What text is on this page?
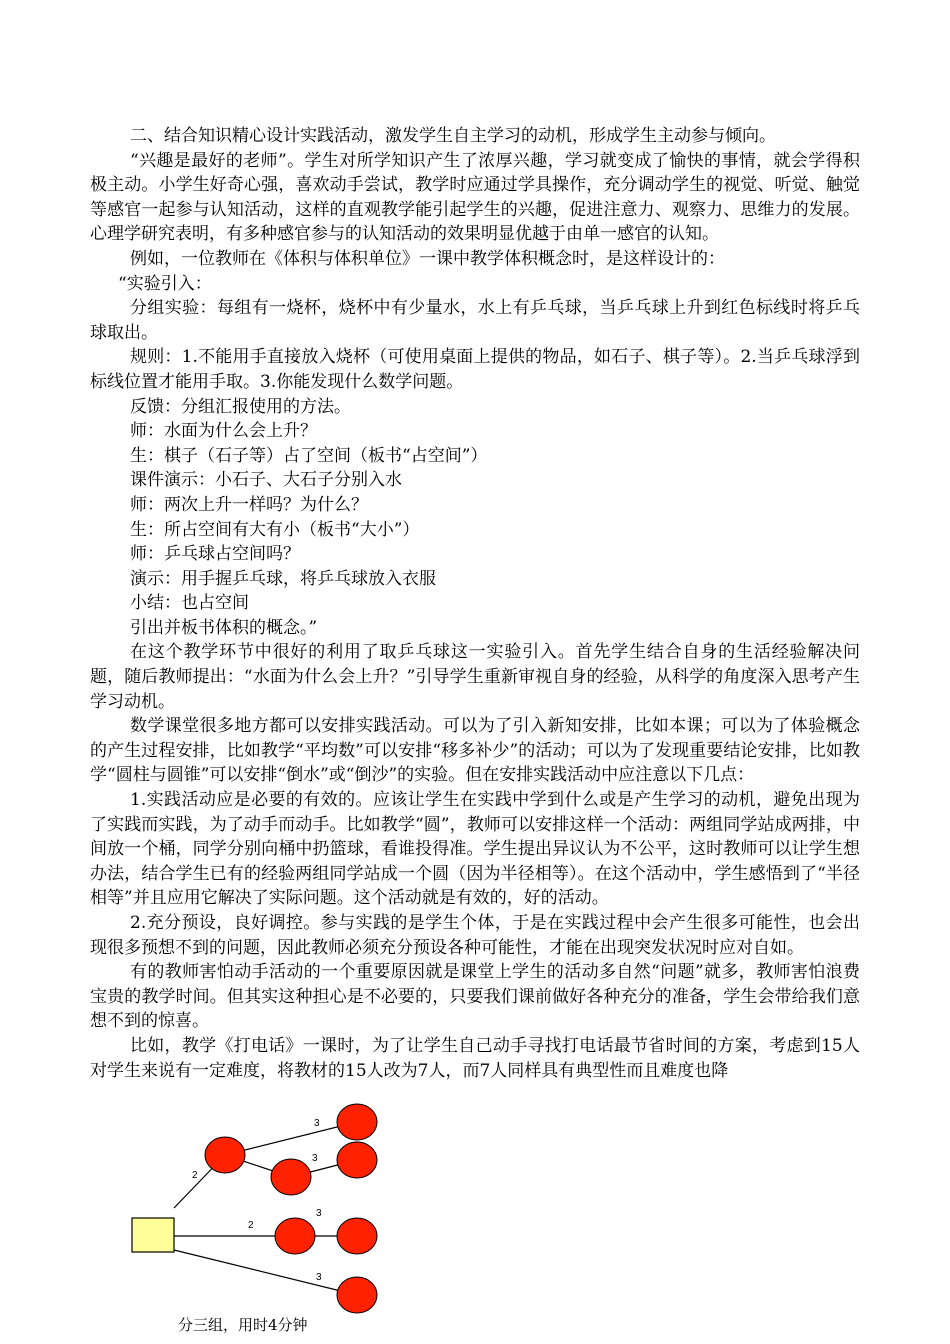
二、结合知识精心设计实践活动，激发学生自主学习的动机，形成学生主动参与倾向。

“兴趣是最好的老师”。学生对所学知识产生了浓厚兴趣，学习就变成了愉快的事情，就会学得积极主动。小学生好奇心强，喜欢动手尝试，教学时应通过学具操作，充分调动学生的视觉、听觉、触觉等感官一起参与认知活动，这样的直观教学能引起学生的兴趣，促进注意力、观察力、思维力的发展。心理学研究表明，有多种感官参与的认知活动的效果明显优越于由单一感官的认知。

例如，一位教师在《体积与体积单位》一课中教学体积概念时，是这样设计的：

“实验引入：

分组实验：每组有一烧杯，烧杯中有少量水，水上有乒乓球，当乒乓球上升到红色标线时将乒乓球取出。

规则：1.不能用手直接放入烧杯（可使用桌面上提供的物品，如石子、棋子等）。2.当乒乓球浮到标线位置才能用手取。3.你能发现什么数学问题。

反馈：分组汇报使用的方法。

师：水面为什么会上升？

生：棋子（石子等）占了空间（板书“占空间”）

课件演示：小石子、大石子分别入水

师：两次上升一样吗？为什么？

生：所占空间有大有小（板书“大小”）

师：乒乓球占空间吗？

演示：用手握乒乓球，将乒乓球放入衣服

小结：也占空间

引出并板书体积的概念。”

在这个教学环节中很好的利用了取乒乓球这一实验引入。首先学生结合自身的生活经验解决问题，随后教师提出：“水面为什么会上升？”引导学生重新审视自身的经验，从科学的角度深入思考产生学习动机。

数学课堂很多地方都可以安排实践活动。可以为了引入新知安排，比如本课；可以为了体验概念的产生过程安排，比如教学“平均数”可以安排“移多补少”的活动；可以为了发现重要结论安排，比如教学“圆柱与圆锥”可以安排“倒水”或“倒沙”的实验。但在安排实践活动中应注意以下几点：

1.实践活动应是必要的有效的。应该让学生在实践中学到什么或是产生学习的动机，避免出现为了实践而实践，为了动手而动手。比如教学“圆”，教师可以安排这样一个活动：两组同学站成两排，中间放一个桶，同学分别向桶中扔篮球，看谁投得准。学生提出异议认为不公平，这时教师可以让学生想办法，结合学生已有的经验两组同学站成一个圆（因为半径相等）。在这个活动中，学生感悟到了“半径相等”并且应用它解决了实际问题。这个活动就是有效的，好的活动。

2.充分预设，良好调控。参与实践的是学生个体，于是在实践过程中会产生很多可能性，也会出现很多预想不到的问题，因此教师必须充分预设各种可能性，才能在出现突发状况时应对自如。

有的教师害怕动手活动的一个重要原因就是课堂上学生的活动多自然“问题”就多，教师害怕浪费宝贵的教学时间。但其实这种担心是不必要的，只要我们课前做好各种充分的准备，学生会带给我们意想不到的惊喜。

比如，教学《打电话》一课时，为了让学生自己动手寻找打电话最节省时间的方案，考虑到15人对学生来说有一定难度，将教材的15人改为7人，而7人同样具有典型性而且难度也降

2
3
3
2
3
3
分三组，用时4分钟
